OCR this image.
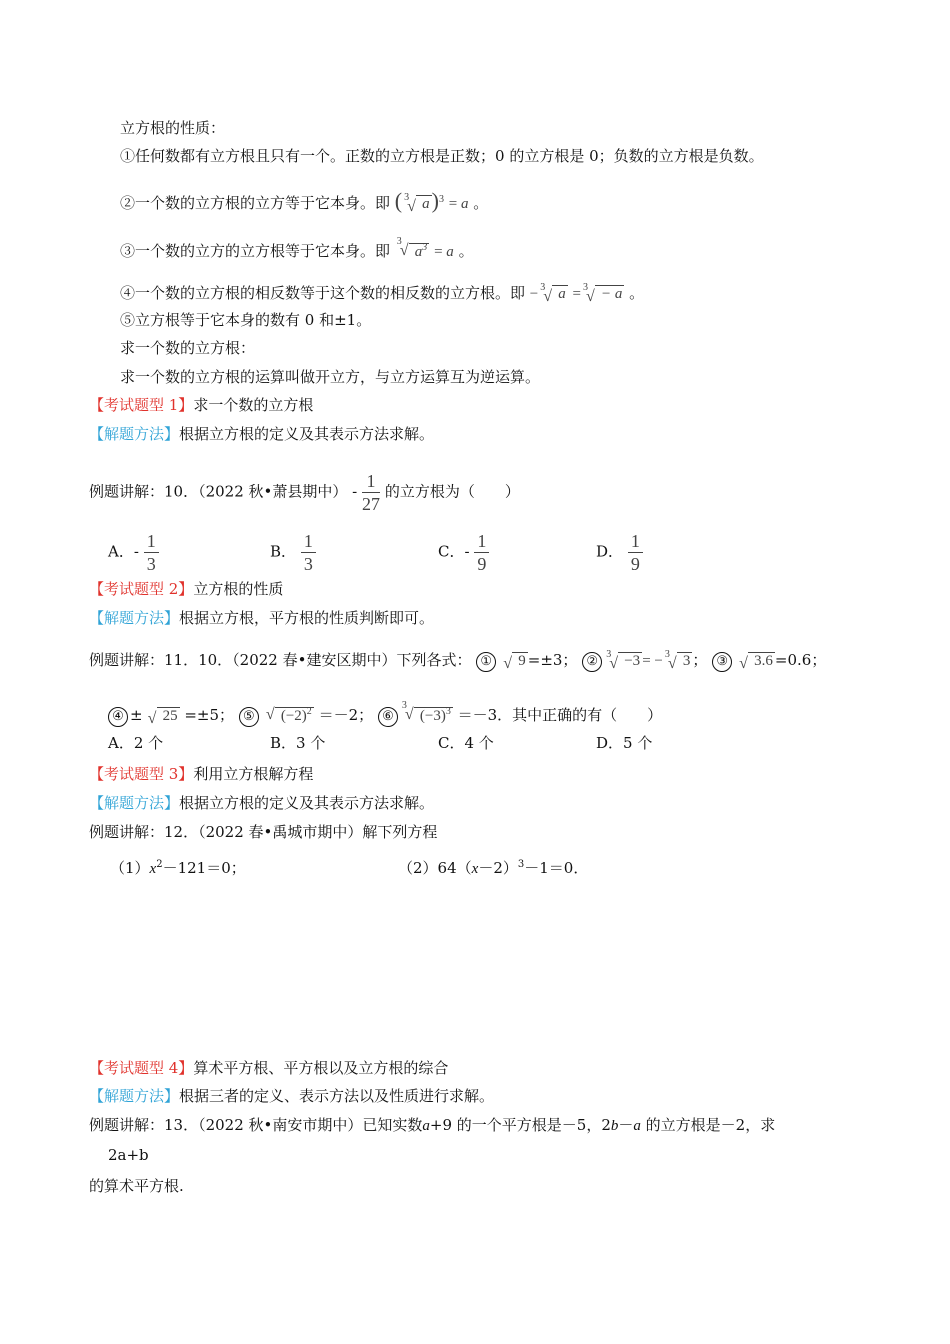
立方根的性质：
①任何数都有立方根且只有一个。正数的立方根是正数；0 的立方根是 0；负数的立方根是负数。
②一个数的立方根的立方等于它本身。即 ( 3
√ a)$^3$ = a 。
③一个数的立方的立方根等于它本身。即
3
√ $a^3 = a$ 。
④一个数的立方根的相反数等于这个数的相反数的立方根。即 − 3
√ a = 3
√ − a 。
⑤立方根等于它本身的数有 0 和±1。
求一个数的立方根：
求一个数的立方根的运算叫做开立方，与立方运算互为逆运算。
【考试题型 1】求一个数的立方根
【解题方法】根据立方根的定义及其表示方法求解。
例题讲解：10．（2022 秋•萧县期中） - $\frac{1}{27}$ 的立方根为（　　）
A．- $\frac{1}{3}$	B． $\frac{1}{3}$	C．- $\frac{1}{9}$	D． $\frac{1}{9}$
【考试题型 2】立方根的性质
【解题方法】根据立方根，平方根的性质判断即可。
例题讲解：11．10．（2022 春•建安区期中）下列各式： ① √ 9 =±3； ② 3
√ −3 = − 3
√ 3 ； ③ √ 3.6 =0.6；
④ ± √ 25 =±5； ⑤ √ $(-2)^2 =-2$； ⑥
3
√ $(-3)^3 =-3$．其中正确的有（　　）
A．2 个	B．3 个	C．4 个	D．5 个
【考试题型 3】利用立方根解方程
【解题方法】根据立方根的定义及其表示方法求解。
例题讲解：12．（2022 春•禹城市期中）解下列方程
$(1)x^2-121=0$；	$(2)64(x-2)^3-1=0$．
【考试题型 4】算术平方根、平方根以及立方根的综合
【解题方法】根据三者的定义、表示方法以及性质进行求解。
例题讲解：13．（2022 秋•南安市期中）已知实数a+9 的一个平方根是－5，2b－a 的立方根是－2，求
2a+b
的算术平方根.
